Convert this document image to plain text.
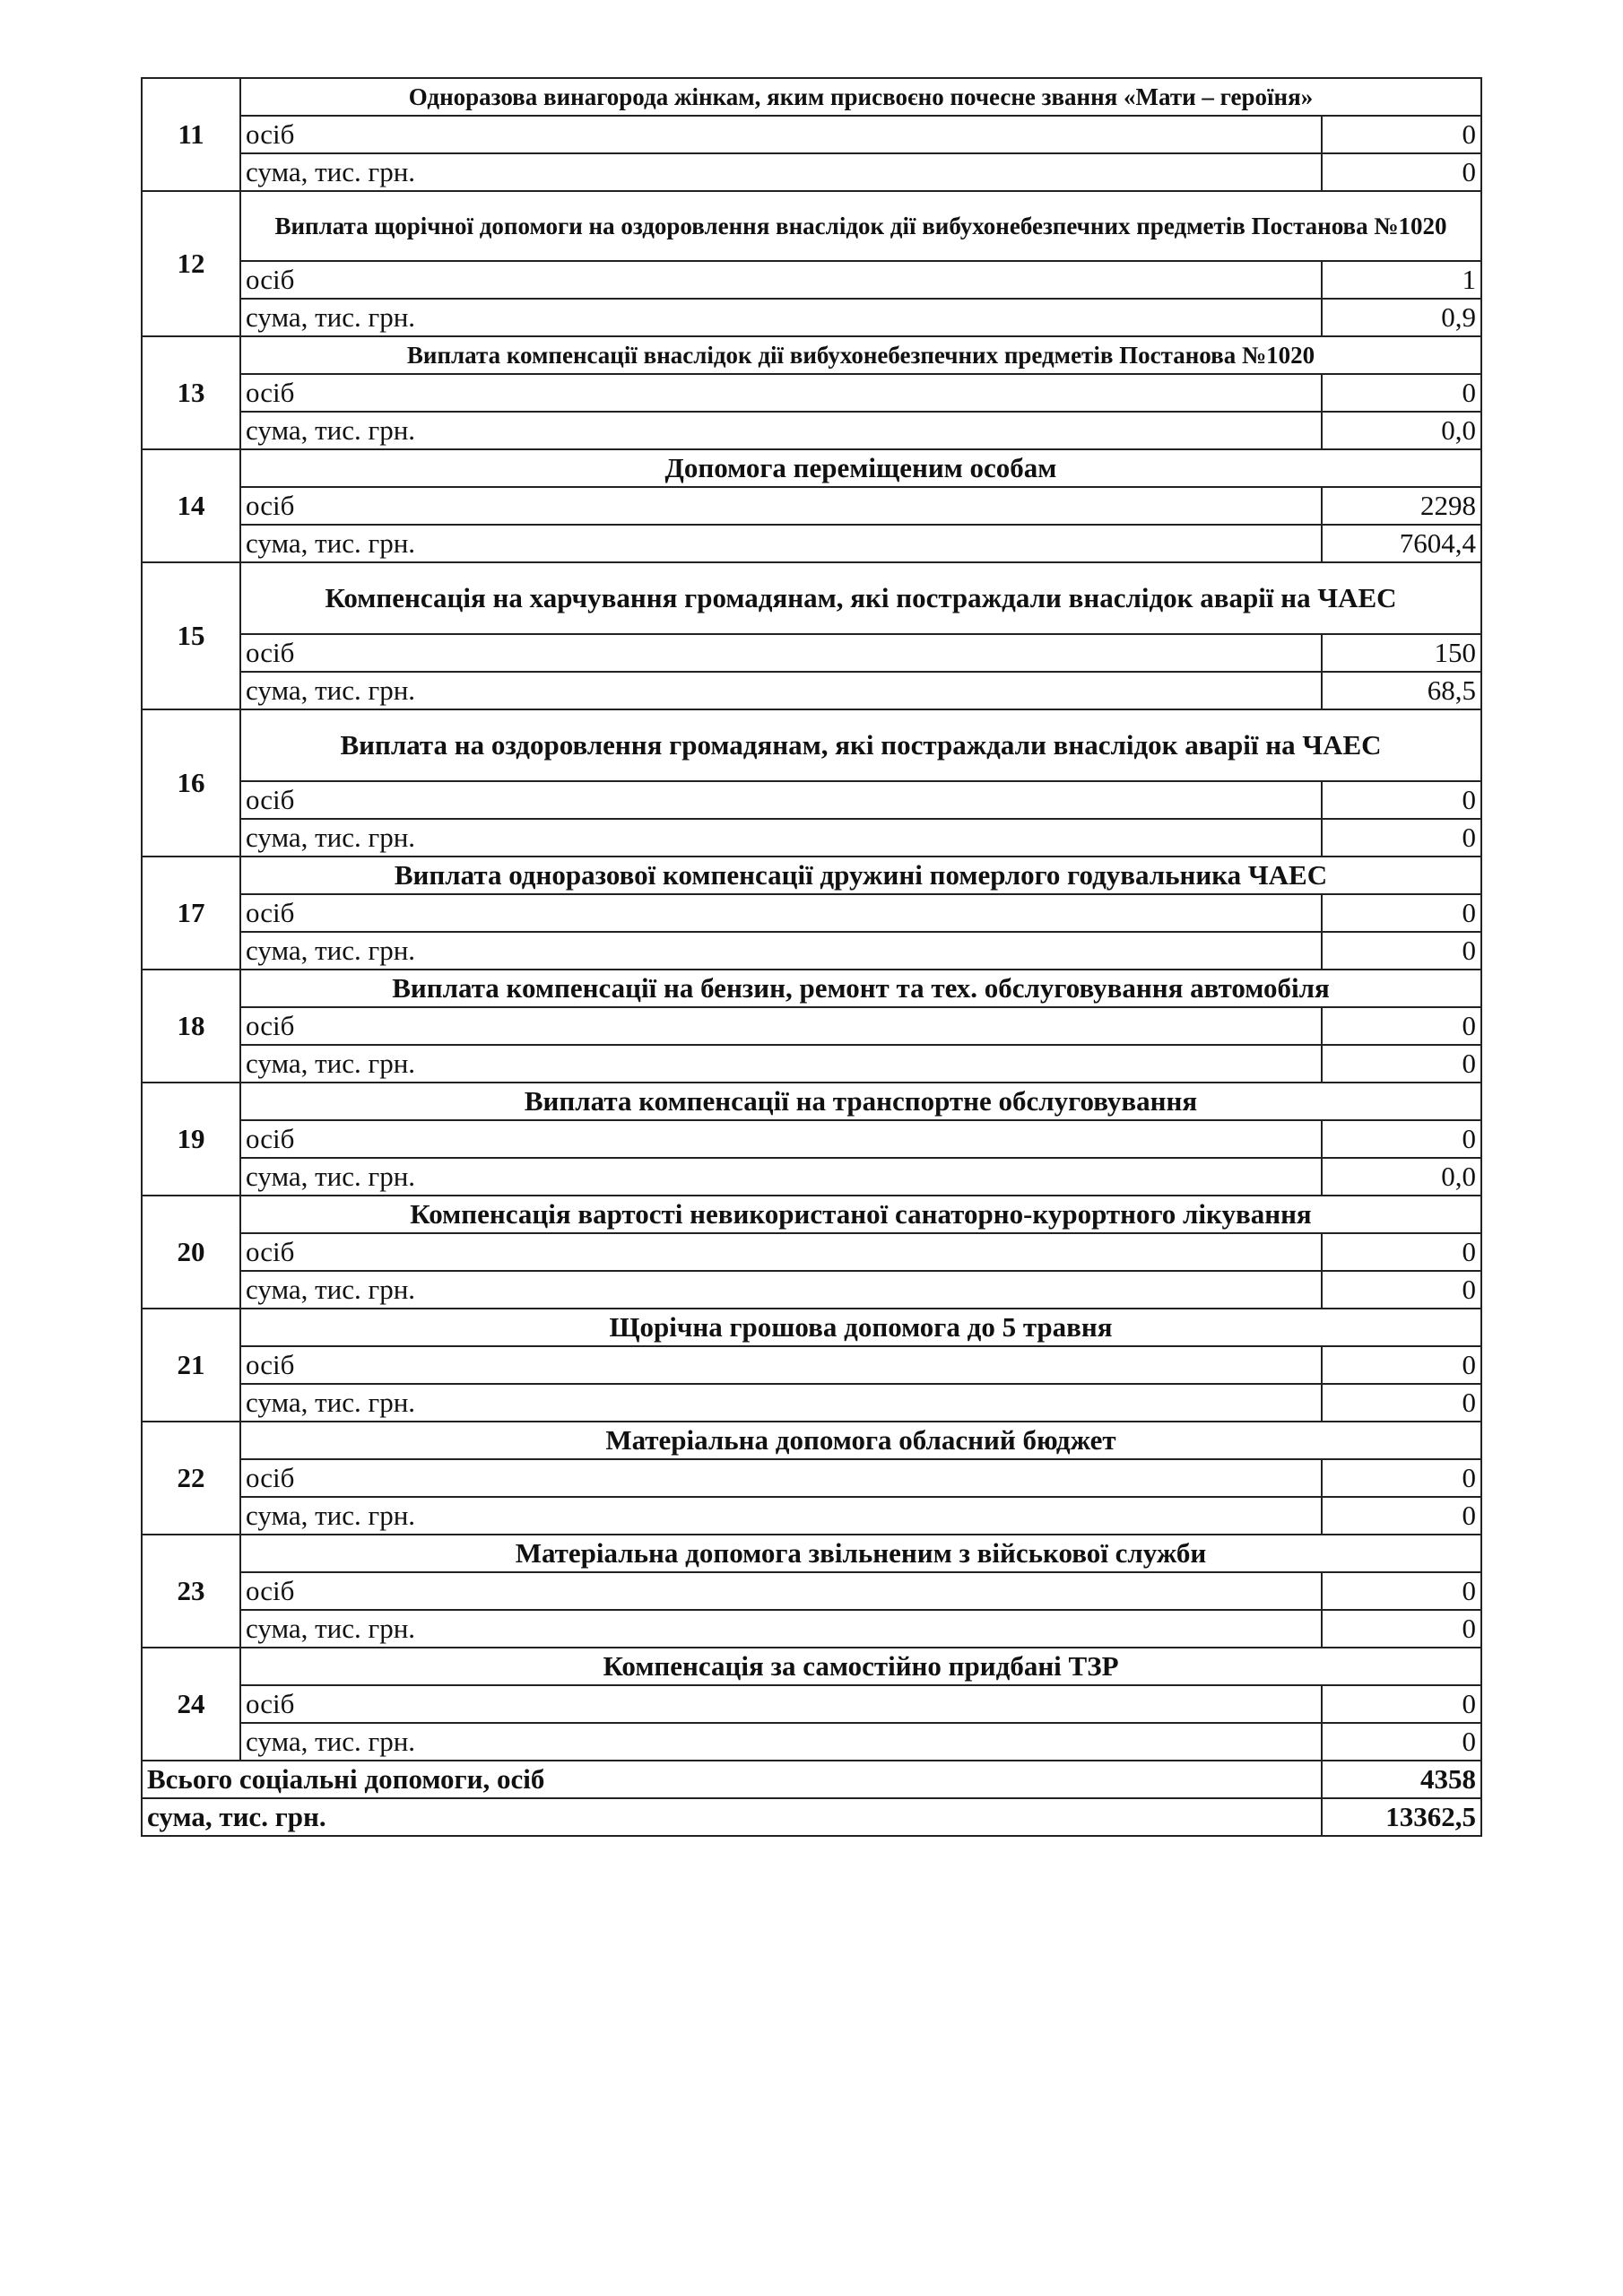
11	Одноразова винагорода жінкам, яким присвоєно почесне звання «Мати – героїня»	
	осіб	0
	сума, тис. грн.	0
12	Виплата щорічної допомоги на оздоровлення внаслідок дії вибухонебезпечних предметів Постанова №1020	
	осіб	1
	сума, тис. грн.	0,9
13	Виплата компенсації внаслідок дії вибухонебезпечних предметів Постанова №1020	
	осіб	0
	сума, тис. грн.	0,0
14	Допомога переміщеним особам	
	осіб	2298
	сума, тис. грн.	7604,4
15	Компенсація на харчування громадянам, які постраждали внаслідок аварії на ЧАЕС	
	осіб	150
	сума, тис. грн.	68,5
16	Виплата на оздоровлення громадянам, які постраждали внаслідок аварії на ЧАЕС	
	осіб	0
	сума, тис. грн.	0
17	Виплата одноразової компенсації дружині померлого годувальника ЧАЕС	
	осіб	0
	сума, тис. грн.	0
18	Виплата компенсації на бензин, ремонт та тех. обслуговування автомобіля	
	осіб	0
	сума, тис. грн.	0
19	Виплата компенсації на транспортне обслуговування	
	осіб	0
	сума, тис. грн.	0,0
20	Компенсація вартості невикористаної санаторно-курортного лікування	
	осіб	0
	сума, тис. грн.	0
21	Щорічна грошова допомога до 5 травня	
	осіб	0
	сума, тис. грн.	0
22	Матеріальна допомога обласний бюджет	
	осіб	0
	сума, тис. грн.	0
23	Матеріальна допомога звільненим з військової служби	
	осіб	0
	сума, тис. грн.	0
24	Компенсація за самостійно придбані ТЗР	
	осіб	0
	сума, тис. грн.	0
Всього соціальні допомоги, осіб		4358
сума, тис. грн.		13362,5
